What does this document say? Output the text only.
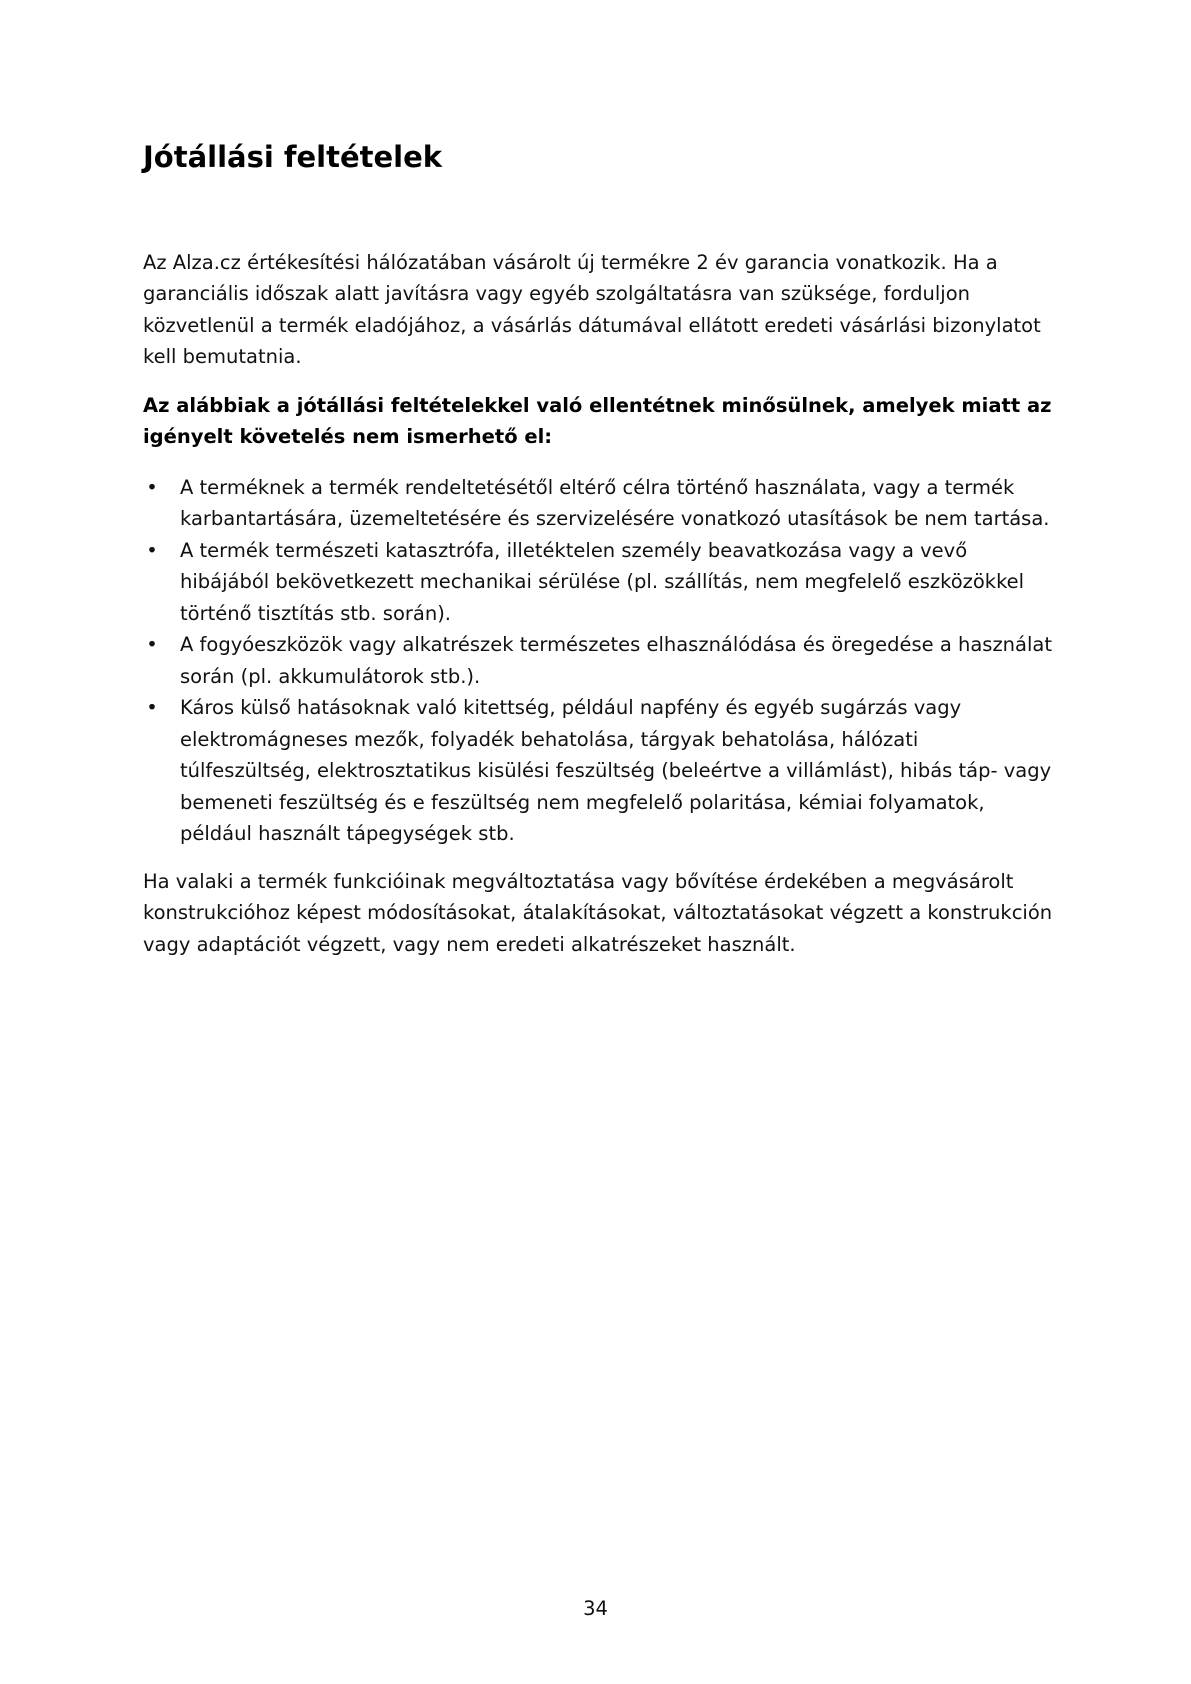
Jótállási feltételek

Az Alza.cz értékesítési hálózatában vásárolt új termékre 2 év garancia vonatkozik. Ha a garanciális időszak alatt javításra vagy egyéb szolgáltatásra van szüksége, forduljon közvetlenül a termék eladójához, a vásárlás dátumával ellátott eredeti vásárlási bizonylatot kell bemutatnia.

Az alábbiak a jótállási feltételekkel való ellentétnek minősülnek, amelyek miatt az igényelt követelés nem ismerhető el:

• A terméknek a termék rendeltetésétől eltérő célra történő használata, vagy a termék karbantartására, üzemeltetésére és szervizelésére vonatkozó utasítások be nem tartása.
• A termék természeti katasztrófa, illetéktelen személy beavatkozása vagy a vevő hibájából bekövetkezett mechanikai sérülése (pl. szállítás, nem megfelelő eszközökkel történő tisztítás stb. során).
• A fogyóeszközök vagy alkatrészek természetes elhasználódása és öregedése a használat során (pl. akkumulátorok stb.).
• Káros külső hatásoknak való kitettség, például napfény és egyéb sugárzás vagy elektromágneses mezők, folyadék behatolása, tárgyak behatolása, hálózati túlfeszültség, elektrosztatikus kisülési feszültség (beleértve a villámlást), hibás táp- vagy bemeneti feszültség és e feszültség nem megfelelő polaritása, kémiai folyamatok, például használt tápegységek stb.

Ha valaki a termék funkcióinak megváltoztatása vagy bővítése érdekében a megvásárolt konstrukcióhoz képest módosításokat, átalakításokat, változtatásokat végzett a konstrukción vagy adaptációt végzett, vagy nem eredeti alkatrészeket használt.

34
